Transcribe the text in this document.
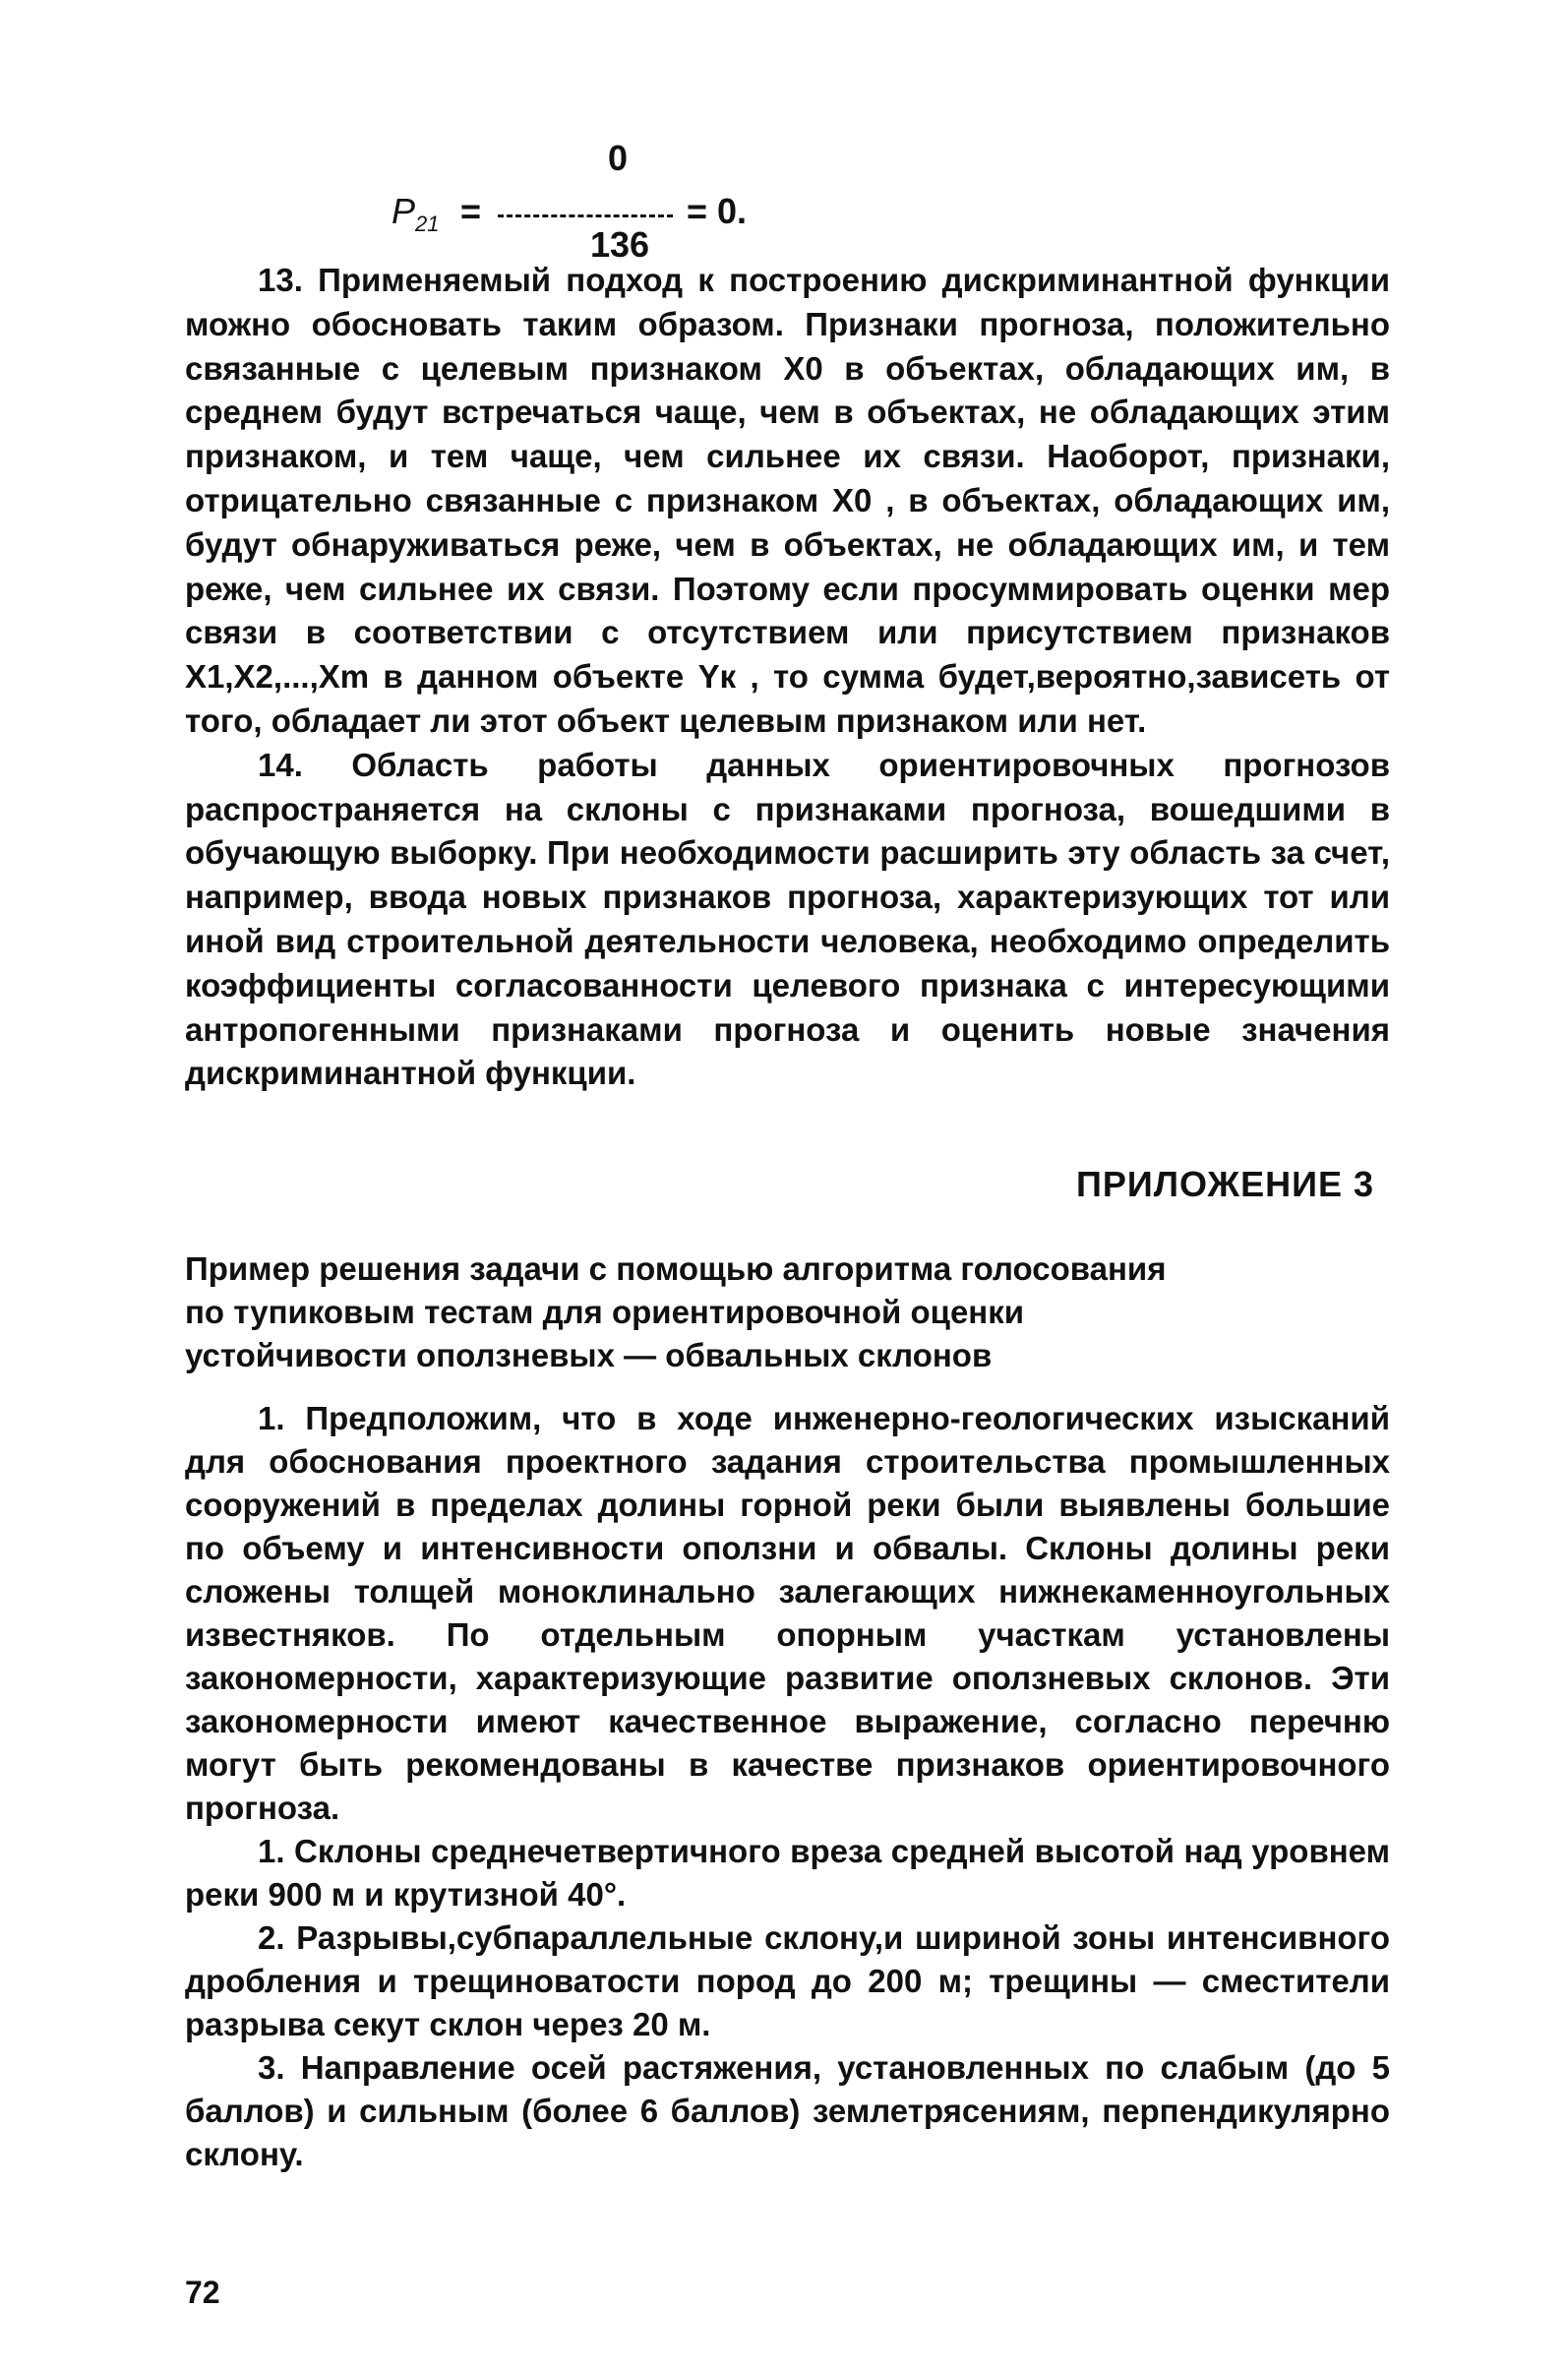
0
$P_{21}$ =	= 0.
136

13. Применяемый подход к построению дискриминантной функции можно обосновать таким образом. Признаки прогноза, положительно связанные с целевым признаком X0 в объектах, обладающих им, в среднем будут встречаться чаще, чем в объектах, не обладающих этим признаком, и тем чаще, чем сильнее их связи. Наоборот, признаки, отрицательно связанные с признаком X0 , в объектах, обладающих им, будут обнаруживаться реже, чем в объектах, не обладающих им, и тем реже, чем сильнее их связи. Поэтому если просуммировать оценки мер связи в соответствии с отсутствием или присутствием признаков X1,X2,...,Xm в данном объекте Yк , то сумма будет,вероятно,зависеть от того, обладает ли этот объект целевым признаком или нет.

14. Область работы данных ориентировочных прогнозов распространяется на склоны с признаками прогноза, вошедшими в обучающую выборку. При необходимости расширить эту область за счет, например, ввода новых признаков прогноза, характеризующих тот или иной вид строительной деятельности человека, необходимо определить коэффициенты согласованности целевого признака с интересующими антропогенными признаками прогноза и оценить новые значения дискриминантной функции.

ПРИЛОЖЕНИЕ 3
Пример решения задачи с помощью алгоритма голосования
по тупиковым тестам для ориентировочной оценки
устойчивости оползневых — обвальных склонов

1. Предположим, что в ходе инженерно-геологических изысканий для обоснования проектного задания строительства промышленных сооружений в пределах долины горной реки были выявлены большие по объему и интенсивности оползни и обвалы. Склоны долины реки сложены толщей моноклинально залегающих нижнекаменноугольных известняков. По отдельным опорным участкам установлены закономерности, характеризующие развитие оползневых склонов. Эти закономерности имеют качественное выражение, согласно перечню могут быть рекомендованы в качестве признаков ориентировочного прогноза.

1. Склоны среднечетвертичного вреза средней высотой над уровнем реки 900 м и крутизной 40°.

2. Разрывы,субпараллельные склону,и шириной зоны интенсивного дробления и трещиноватости пород до 200 м; трещины — сместители разрыва секут склон через 20 м.

3. Направление осей растяжения, установленных по слабым (до 5 баллов) и сильным (более 6 баллов) землетрясениям, перпендикулярно склону.

72
